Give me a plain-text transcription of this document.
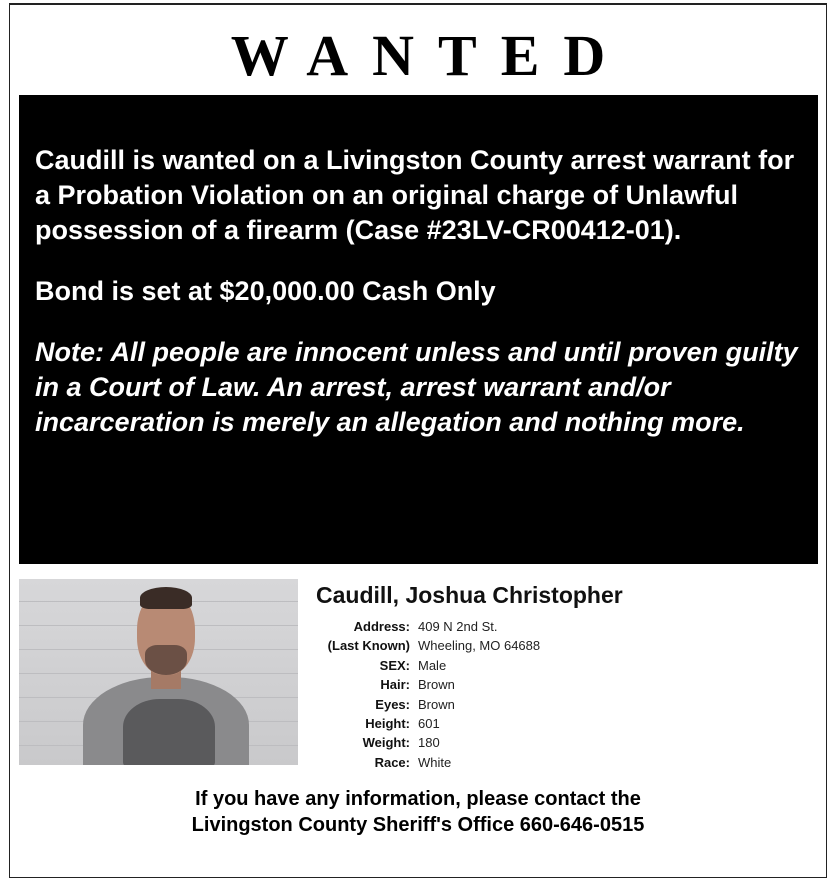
WANTED

Caudill is wanted on a Livingston County arrest warrant for a Probation Violation on an original charge of Unlawful possession of a firearm (Case #23LV-CR00412-01).

Bond is set at $20,000.00 Cash Only

Note: All people are innocent unless and until proven guilty in a Court of Law. An arrest, arrest warrant and/or incarceration is merely an allegation and nothing more.

Caudill, Joshua Christopher
Address: 409 N 2nd St.
(Last Known) Wheeling, MO 64688
SEX: Male
Hair: Brown
Eyes: Brown
Height: 601
Weight: 180
Race: White
If you have any information, please contact the
Livingston County Sheriff's Office 660-646-0515
